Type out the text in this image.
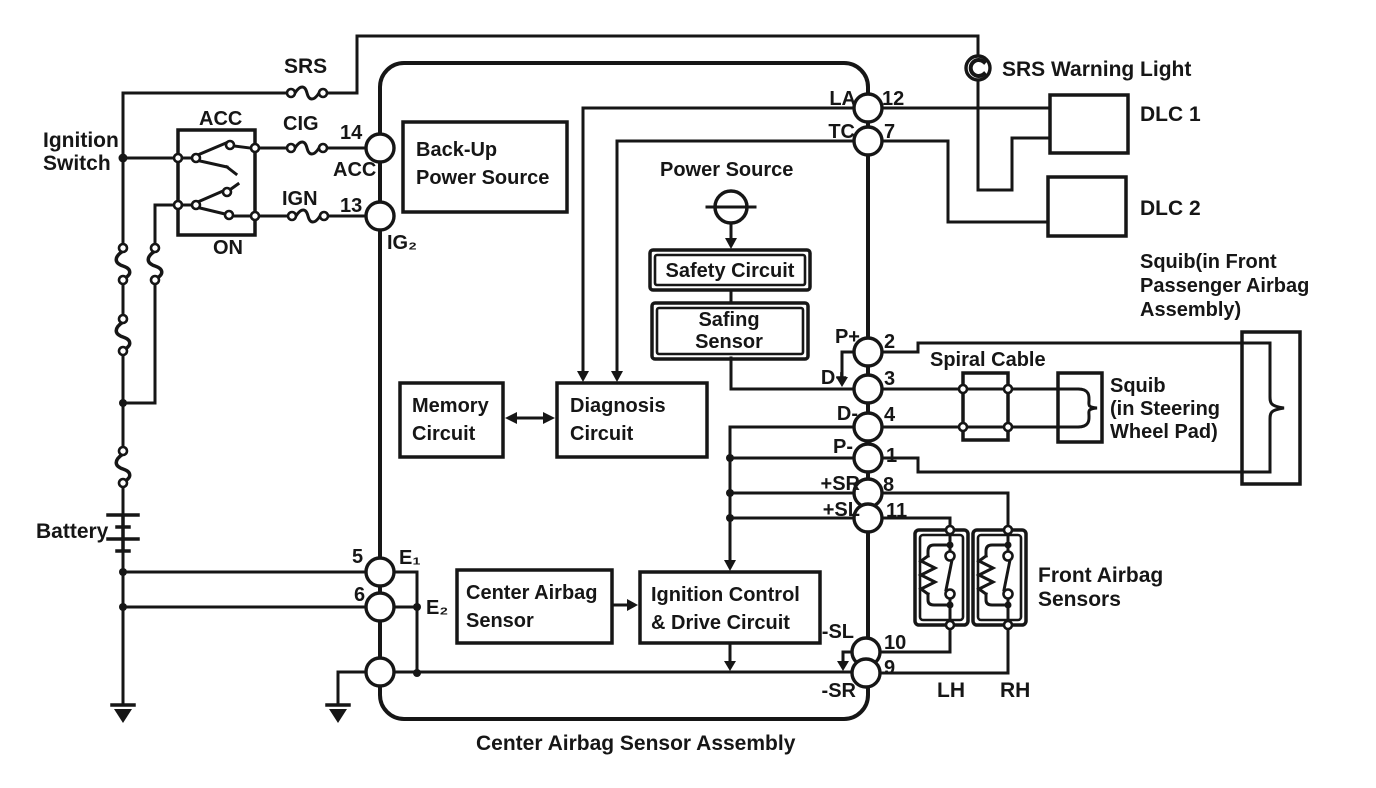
Ignition
Switch
Battery
SRS
ACC CIG
IGN
ON
14
ACC
13
IG₂
5 E₁
6
E₂
LA 12
TC 7
P+ 2
D+ 3
D- 4
P- 1
+SR 8
+SL 11
-SL 10
-SR
9
Back-Up
Power Source	Power Source
Safety Circuit
Safing
Sensor
Memory
Circuit
Diagnosis
Circuit
Center Airbag
Sensor
Ignition Control
& Drive Circuit
Center Airbag Sensor Assembly
SRS Warning Light
DLC 1
DLC 2
Squib(in Front
Passenger Airbag
Assembly)
Spiral Cable
Squib
(in Steering
Wheel Pad)
Front Airbag
Sensors
LH RH
